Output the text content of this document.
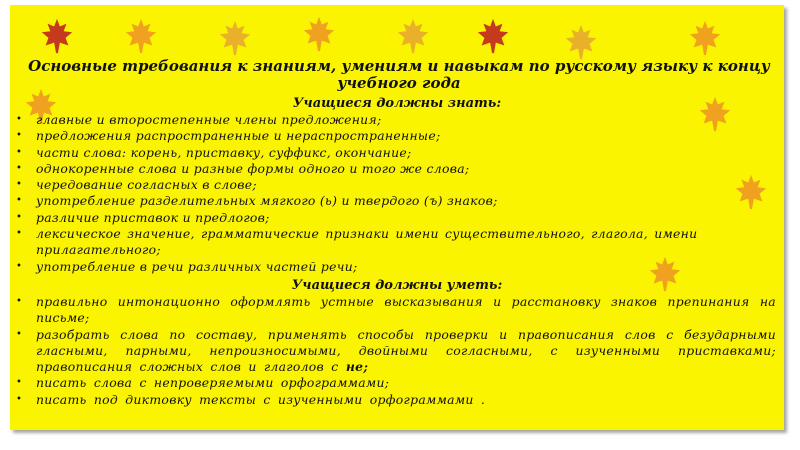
Основные требования к знаниям, умениям и навыкам по русскому языку к концу учебного года
Учащиеся должны знать:
• главные и второстепенные члены предложения;
• предложения распространенные и нераспространенные;
• части слова: корень, приставку, суффикс, окончание;
• однокоренные слова и разные формы одного и того же слова;
• чередование согласных в слове;
• употребление разделительных мягкого (ь) и твердого (ъ) знаков;
• различие приставок и предлогов;
• лексическое значение, грамматические признаки имени существительного, глагола, имени прилагательного;
• употребление в речи различных частей речи;
Учащиеся должны уметь:
• правильно интонационно оформлять устные высказывания и расстановку знаков препинания на письме;
• разобрать слова по составу, применять способы проверки и правописания слов с безударными гласными, парными, непроизносимыми, двойными согласными, с изученными приставками; правописания сложных слов и глаголов с не;
• писать слова с непроверяемыми орфограммами;
• писать под диктовку тексты с изученными орфограммами .
